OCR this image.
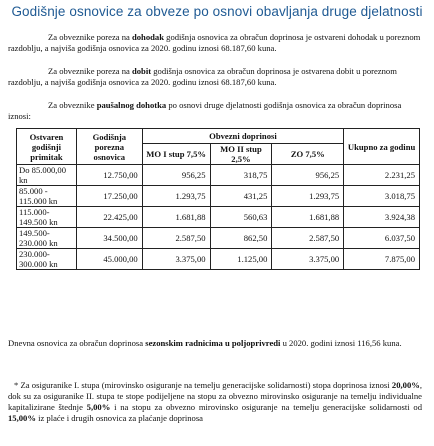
Godišnje osnovice za obveze po osnovi obavljanja druge djelatnosti
Za obveznike poreza na dohodak godišnja osnovica za obračun doprinosa je ostvareni dohodak u poreznom razdoblju, a najviša godišnja osnovica za 2020. godinu iznosi 68.187,60 kuna.
Za obveznike poreza na dobit godišnja osnovica za obračun doprinosa je ostvarena dobit u poreznom razdoblju, a najviša godišnja osnovica za 2020. godinu iznosi 68.187,60 kuna.
Za obveznike paušalnog dohotka po osnovi druge djelatnosti godišnja osnovica za obračun doprinosa iznosi:
Ostvaren godišnji primitak	Godišnja porezna osnovica	Obvezni doprinosi			Ukupno za godinu
		MO I stup 7,5%	MO II stup 2,5%	ZO 7,5%	
Do 85.000,00 kn	12.750,00	956,25	318,75	956,25	2.231,25
85.000 - 115.000 kn	17.250,00	1.293,75	431,25	1.293,75	3.018,75
115.000- 149.500 kn	22.425,00	1.681,88	560,63	1.681,88	3.924,38
149.500- 230.000 kn	34.500,00	2.587,50	862,50	2.587,50	6.037,50
230.000- 300.000 kn	45.000,00	3.375,00	1.125,00	3.375,00	7.875,00
Dnevna osnovica za obračun doprinosa sezonskim radnicima u poljoprivredi u 2020. godini iznosi 116,56 kuna.
* Za osiguranike I. stupa (mirovinsko osiguranje na temelju generacijske solidarnosti) stopa doprinosa iznosi 20,00%, dok su za osiguranike II. stupa te stope podijeljene na stopu za obvezno mirovinsko osiguranje na temelju individualne kapitalizirane štednje 5,00% i na stopu za obvezno mirovinsko osiguranje na temelju generacijske solidarnosti od 15,00% iz plaće i drugih osnovica za plaćanje doprinosa
